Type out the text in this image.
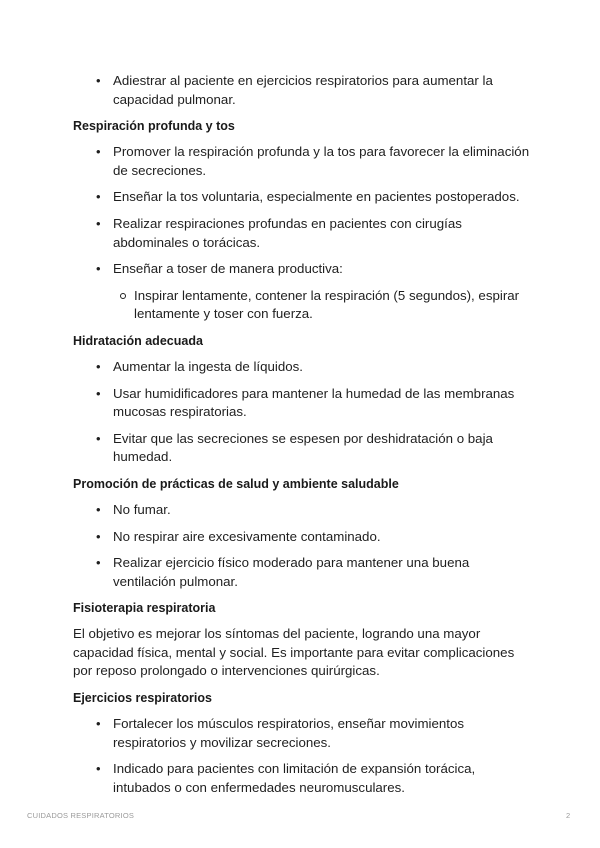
• Adiestrar al paciente en ejercicios respiratorios para aumentar la capacidad pulmonar.
Respiración profunda y tos
• Promover la respiración profunda y la tos para favorecer la eliminación de secreciones.
• Enseñar la tos voluntaria, especialmente en pacientes postoperados.
• Realizar respiraciones profundas en pacientes con cirugías abdominales o torácicas.
• Enseñar a toser de manera productiva:
Inspirar lentamente, contener la respiración (5 segundos), espirar lentamente y toser con fuerza.
Hidratación adecuada
• Aumentar la ingesta de líquidos.
• Usar humidificadores para mantener la humedad de las membranas mucosas respiratorias.
• Evitar que las secreciones se espesen por deshidratación o baja humedad.
Promoción de prácticas de salud y ambiente saludable
• No fumar.
• No respirar aire excesivamente contaminado.
• Realizar ejercicio físico moderado para mantener una buena ventilación pulmonar.
Fisioterapia respiratoria

El objetivo es mejorar los síntomas del paciente, logrando una mayor capacidad física, mental y social. Es importante para evitar complicaciones por reposo prolongado o intervenciones quirúrgicas.

Ejercicios respiratorios
• Fortalecer los músculos respiratorios, enseñar movimientos respiratorios y movilizar secreciones.
• Indicado para pacientes con limitación de expansión torácica, intubados o con enfermedades neuromusculares.
CUIDADOS RESPIRATORIOS	2
